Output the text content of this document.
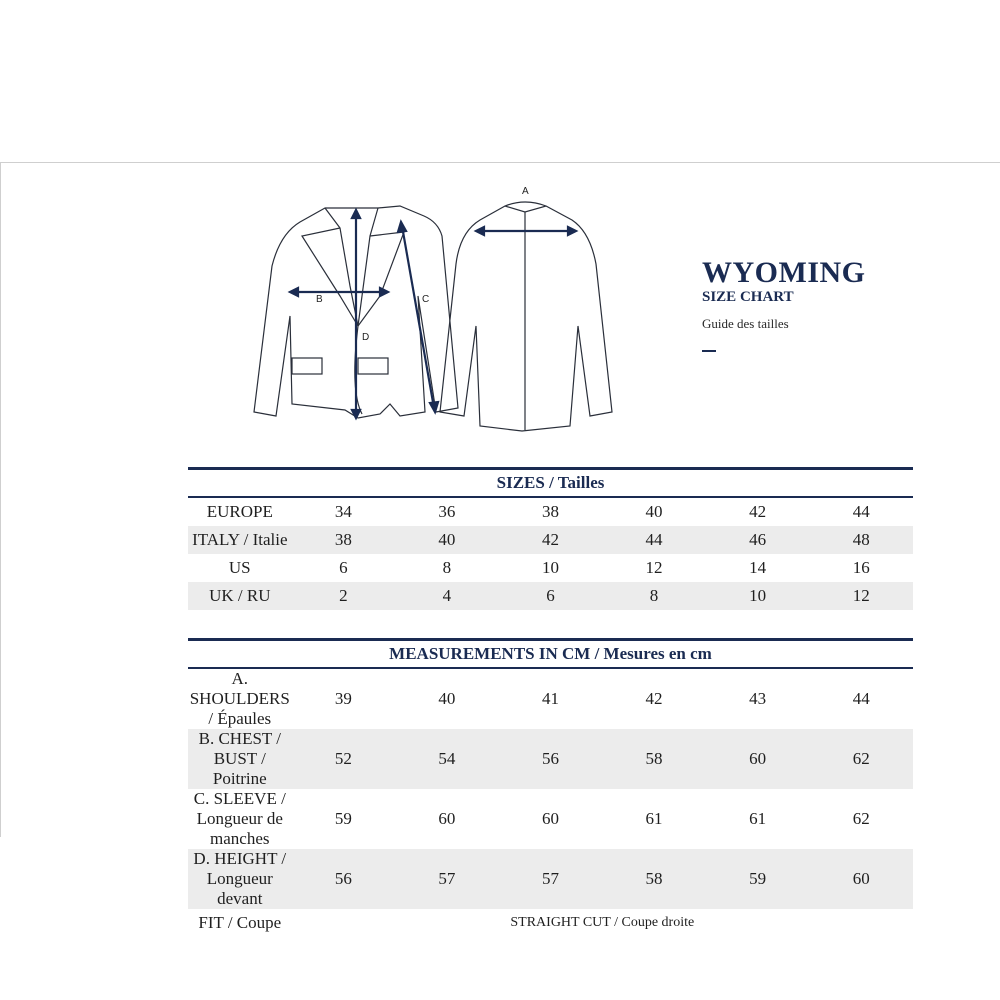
A
B	C
D
WYOMING
SIZE CHART
Guide des tailles
SIZES / Tailles						
EUROPE	34	36	38	40	42	44
ITALY / Italie	38	40	42	44	46	48
US	6	8	10	12	14	16
UK / RU	2	4	6	8	10	12
MEASUREMENTS IN CM / Mesures en cm						
A. SHOULDERS / Épaules	39	40	41	42	43	44
B. CHEST / BUST / Poitrine	52	54	56	58	60	62
C. SLEEVE / Longueur de manches	59	60	60	61	61	62
D. HEIGHT / Longueur devant	56	57	57	58	59	60
FIT / Coupe	STRAIGHT CUT / Coupe droite					
